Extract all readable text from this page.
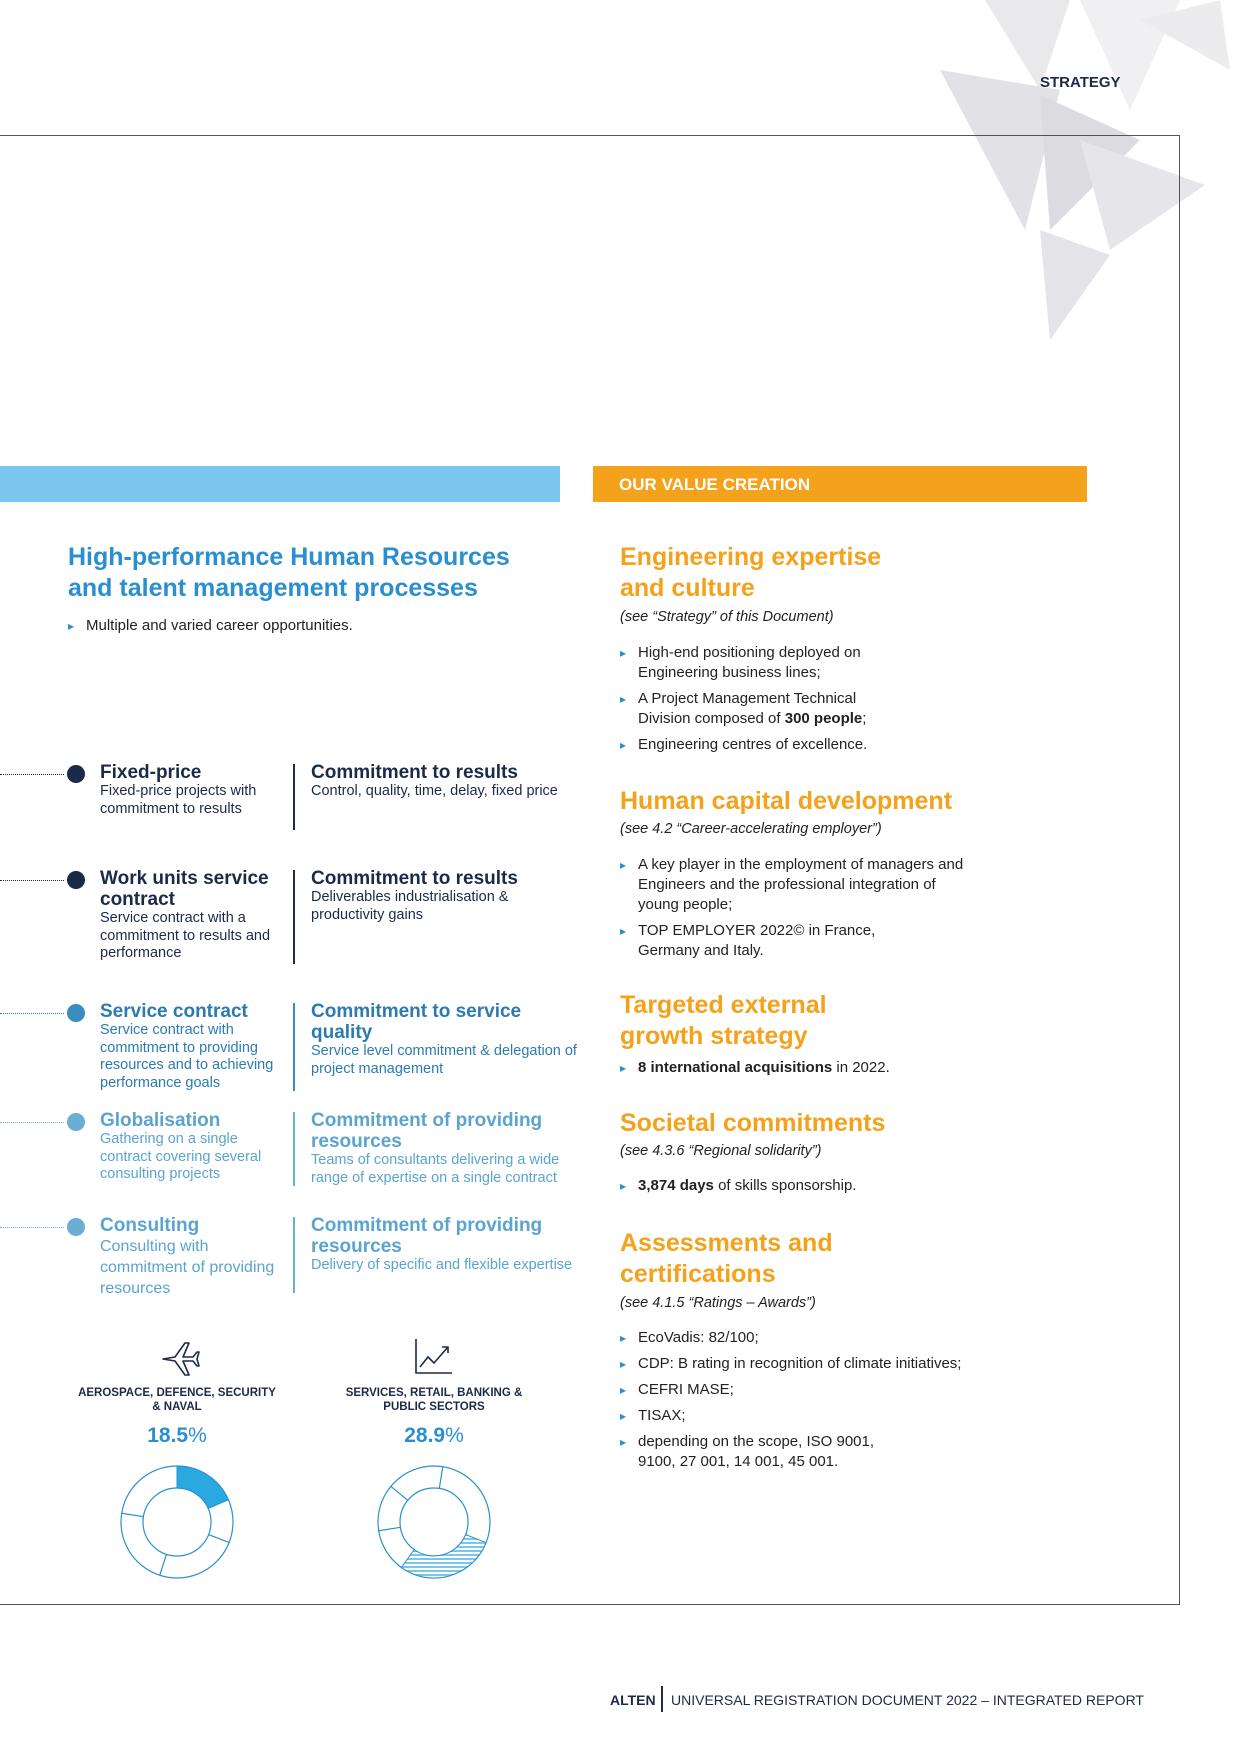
STRATEGY
OUR VALUE CREATION
High-performance Human Resources and talent management processes
▸ Multiple and varied career opportunities.
Fixed-price
Fixed-price projects with commitment to results
Commitment to results
Control, quality, time, delay, fixed price
Work units service contract
Service contract with a commitment to results and performance
Commitment to results
Deliverables industrialisation & productivity gains
Service contract
Service contract with commitment to providing resources and to achieving performance goals
Commitment to service quality
Service level commitment & delegation of project management
Globalisation
Gathering on a single contract covering several consulting projects
Commitment of providing resources
Teams of consultants delivering a wide range of expertise on a single contract
Consulting
Consulting with commitment of providing resources
Commitment of providing resources
Delivery of specific and flexible expertise
AEROSPACE, DEFENCE, SECURITY & NAVAL
SERVICES, RETAIL, BANKING & PUBLIC SECTORS
18.5%	28.9%
Engineering expertise and culture
(see “Strategy” of this Document)
▸ High-end positioning deployed on Engineering business lines;
▸ A Project Management Technical Division composed of 300 people;
▸ Engineering centres of excellence.
Human capital development
(see 4.2 “Career-accelerating employer”)
▸ A key player in the employment of managers and Engineers and the professional integration of young people;
▸ TOP EMPLOYER 2022© in France, Germany and Italy.
Targeted external growth strategy
▸ 8 international acquisitions in 2022.
Societal commitments
(see 4.3.6 “Regional solidarity”)
▸ 3,874 days of skills sponsorship.
Assessments and certifications
(see 4.1.5 “Ratings – Awards”)
▸ EcoVadis: 82/100;
▸ CDP: B rating in recognition of climate initiatives;
▸ CEFRI MASE;
▸ TISAX;
▸ depending on the scope, ISO 9001, 9100, 27 001, 14 001, 45 001.
ALTEN UNIVERSAL REGISTRATION DOCUMENT 2022 – INTEGRATED REPORT
